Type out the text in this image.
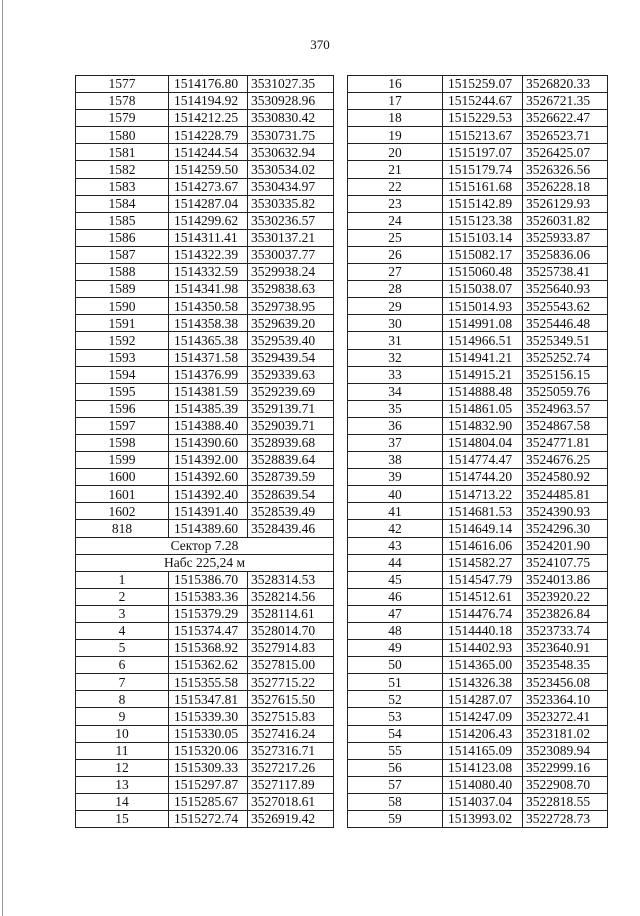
370
1577	1514176.80	3531027.35
1578	1514194.92	3530928.96
1579	1514212.25	3530830.42
1580	1514228.79	3530731.75
1581	1514244.54	3530632.94
1582	1514259.50	3530534.02
1583	1514273.67	3530434.97
1584	1514287.04	3530335.82
1585	1514299.62	3530236.57
1586	1514311.41	3530137.21
1587	1514322.39	3530037.77
1588	1514332.59	3529938.24
1589	1514341.98	3529838.63
1590	1514350.58	3529738.95
1591	1514358.38	3529639.20
1592	1514365.38	3529539.40
1593	1514371.58	3529439.54
1594	1514376.99	3529339.63
1595	1514381.59	3529239.69
1596	1514385.39	3529139.71
1597	1514388.40	3529039.71
1598	1514390.60	3528939.68
1599	1514392.00	3528839.64
1600	1514392.60	3528739.59
1601	1514392.40	3528639.54
1602	1514391.40	3528539.49
818	1514389.60	3528439.46
Сектор 7.28		
Набс 225,24 м		
1	1515386.70	3528314.53
2	1515383.36	3528214.56
3	1515379.29	3528114.61
4	1515374.47	3528014.70
5	1515368.92	3527914.83
6	1515362.62	3527815.00
7	1515355.58	3527715.22
8	1515347.81	3527615.50
9	1515339.30	3527515.83
10	1515330.05	3527416.24
11	1515320.06	3527316.71
12	1515309.33	3527217.26
13	1515297.87	3527117.89
14	1515285.67	3527018.61
15	1515272.74	3526919.42
16	1515259.07	3526820.33
17	1515244.67	3526721.35
18	1515229.53	3526622.47
19	1515213.67	3526523.71
20	1515197.07	3526425.07
21	1515179.74	3526326.56
22	1515161.68	3526228.18
23	1515142.89	3526129.93
24	1515123.38	3526031.82
25	1515103.14	3525933.87
26	1515082.17	3525836.06
27	1515060.48	3525738.41
28	1515038.07	3525640.93
29	1515014.93	3525543.62
30	1514991.08	3525446.48
31	1514966.51	3525349.51
32	1514941.21	3525252.74
33	1514915.21	3525156.15
34	1514888.48	3525059.76
35	1514861.05	3524963.57
36	1514832.90	3524867.58
37	1514804.04	3524771.81
38	1514774.47	3524676.25
39	1514744.20	3524580.92
40	1514713.22	3524485.81
41	1514681.53	3524390.93
42	1514649.14	3524296.30
43	1514616.06	3524201.90
44	1514582.27	3524107.75
45	1514547.79	3524013.86
46	1514512.61	3523920.22
47	1514476.74	3523826.84
48	1514440.18	3523733.74
49	1514402.93	3523640.91
50	1514365.00	3523548.35
51	1514326.38	3523456.08
52	1514287.07	3523364.10
53	1514247.09	3523272.41
54	1514206.43	3523181.02
55	1514165.09	3523089.94
56	1514123.08	3522999.16
57	1514080.40	3522908.70
58	1514037.04	3522818.55
59	1513993.02	3522728.73
